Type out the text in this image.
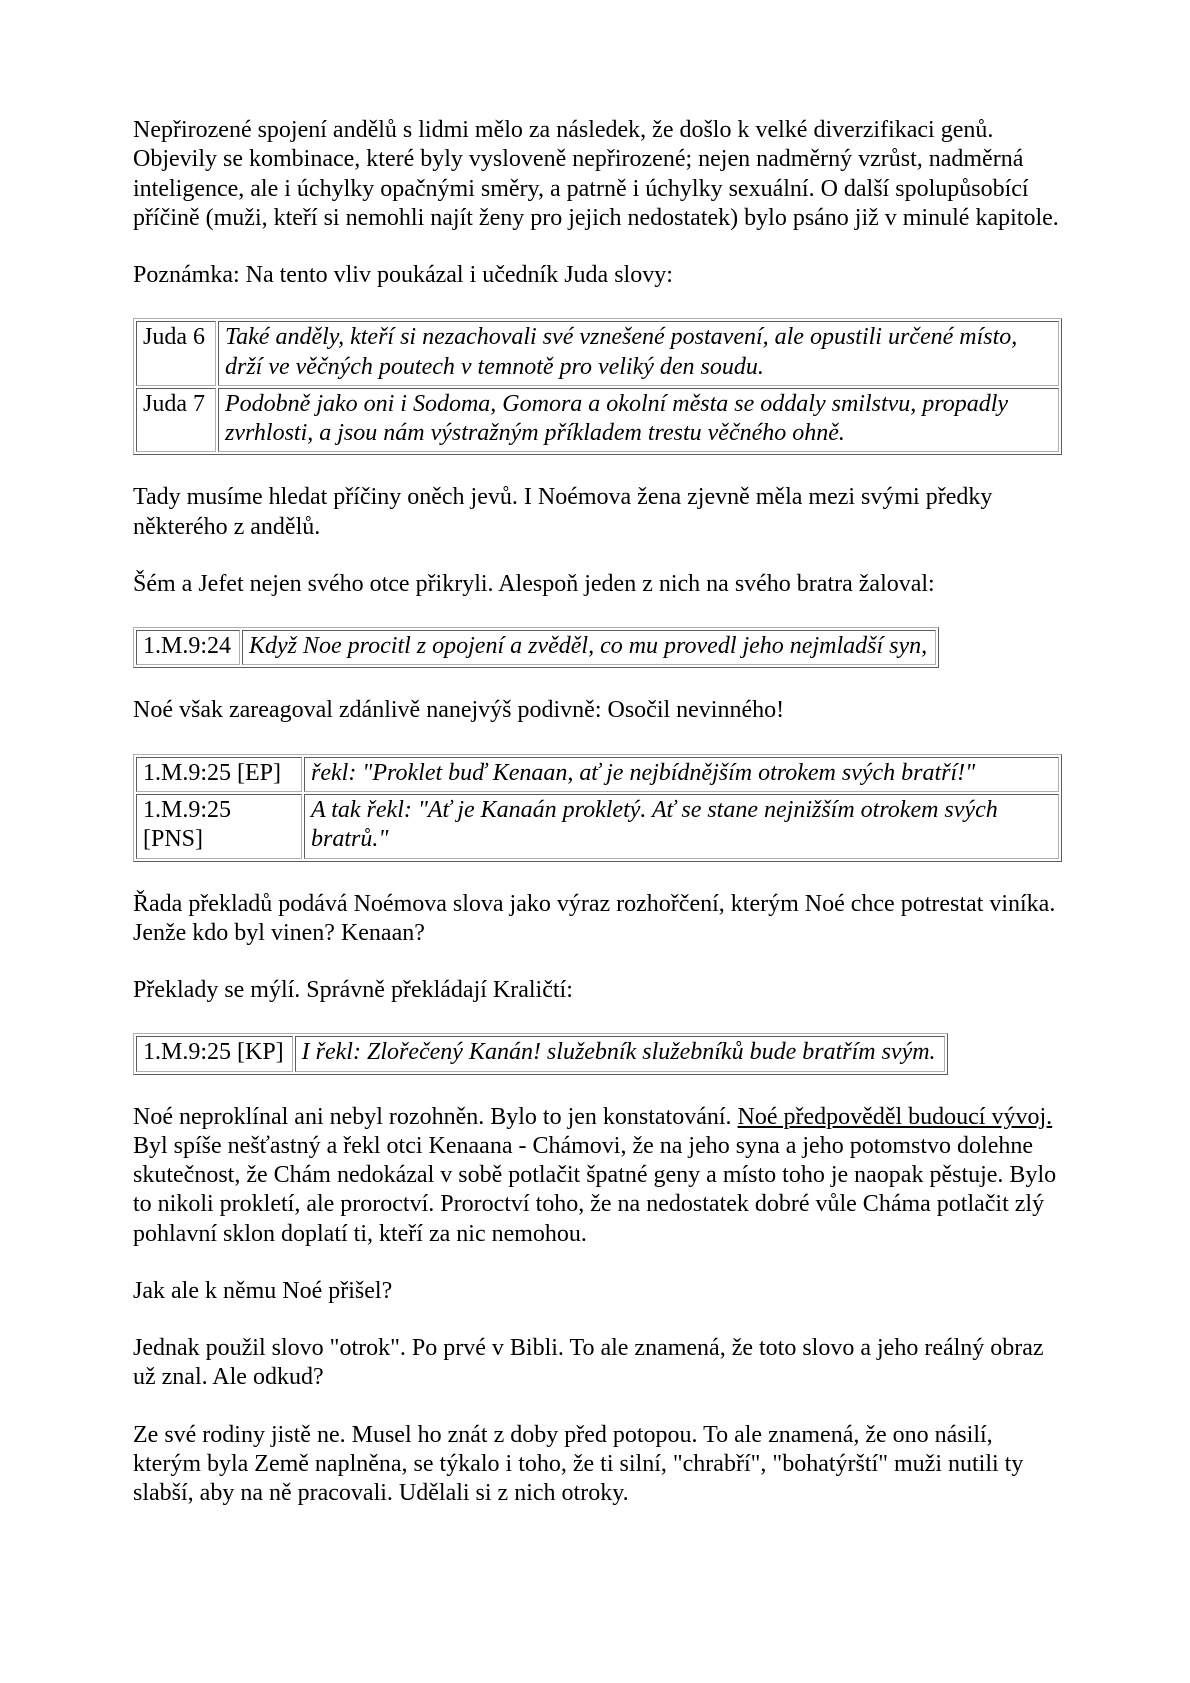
Nepřirozené spojení andělů s lidmi mělo za následek, že došlo k velké diverzifikaci genů. Objevily se kombinace, které byly vysloveně nepřirozené; nejen nadměrný vzrůst, nadměrná inteligence, ale i úchylky opačnými směry, a patrně i úchylky sexuální. O další spolupůsobící příčině (muži, kteří si nemohli najít ženy pro jejich nedostatek) bylo psáno již v minulé kapitole.

Poznámka: Na tento vliv poukázal i učedník Juda slovy:

Juda 6	Také anděly, kteří si nezachovali své vznešené postavení, ale opustili určené místo, drží ve věčných poutech v temnotě pro veliký den soudu.
Juda 7	Podobně jako oni i Sodoma, Gomora a okolní města se oddaly smilstvu, propadly zvrhlosti, a jsou nám výstražným příkladem trestu věčného ohně.

Tady musíme hledat příčiny oněch jevů. I Noémova žena zjevně měla mezi svými předky některého z andělů.

Šém a Jefet nejen svého otce přikryli. Alespoň jeden z nich na svého bratra žaloval:

1.M.9:24	Když Noe procitl z opojení a zvěděl, co mu provedl jeho nejmladší syn,

Noé však zareagoval zdánlivě nanejvýš podivně: Osočil nevinného!

1.M.9:25 [EP]	řekl: "Proklet buď Kenaan, ať je nejbídnějším otrokem svých bratří!"
1.M.9:25 [PNS]	A tak řekl: "Ať je Kanaán prokletý. Ať se stane nejnižším otrokem svých bratrů."

Řada překladů podává Noémova slova jako výraz rozhořčení, kterým Noé chce potrestat viníka. Jenže kdo byl vinen? Kenaan?

Překlady se mýlí. Správně překládají Kraličtí:

1.M.9:25 [KP]	I řekl: Zlořečený Kanán! služebník služebníků bude bratřím svým.

Noé neproklínal ani nebyl rozohněn. Bylo to jen konstatování. Noé předpověděl budoucí vývoj. Byl spíše nešťastný a řekl otci Kenaana - Chámovi, že na jeho syna a jeho potomstvo dolehne skutečnost, že Chám nedokázal v sobě potlačit špatné geny a místo toho je naopak pěstuje. Bylo to nikoli prokletí, ale proroctví. Proroctví toho, že na nedostatek dobré vůle Cháma potlačit zlý pohlavní sklon doplatí ti, kteří za nic nemohou.

Jak ale k němu Noé přišel?

Jednak použil slovo "otrok". Po prvé v Bibli. To ale znamená, že toto slovo a jeho reálný obraz už znal. Ale odkud?

Ze své rodiny jistě ne. Musel ho znát z doby před potopou. To ale znamená, že ono násilí, kterým byla Země naplněna, se týkalo i toho, že ti silní, "chrabří", "bohatýrští" muži nutili ty slabší, aby na ně pracovali. Udělali si z nich otroky.
